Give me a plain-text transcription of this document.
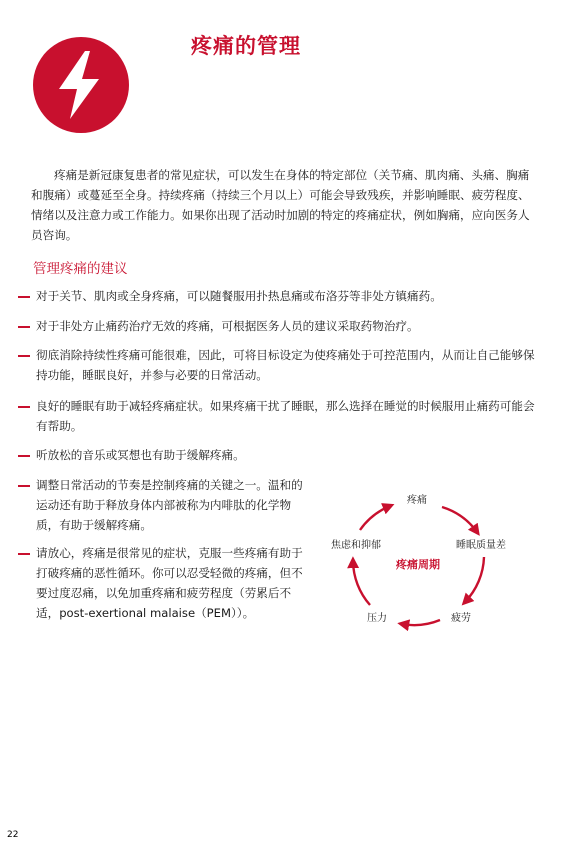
疼痛的管理

疼痛是新冠康复患者的常见症状，可以发生在身体的特定部位（关节痛、肌肉痛、头痛、胸痛和腹痛）或蔓延至全身。持续疼痛（持续三个月以上）可能会导致残疾，并影响睡眠、疲劳程度、情绪以及注意力或工作能力。如果你出现了活动时加剧的特定的疼痛症状，例如胸痛，应向医务人员咨询。

管理疼痛的建议
对于关节、肌肉或全身疼痛，可以随餐服用扑热息痛或布洛芬等非处方镇痛药。
对于非处方止痛药治疗无效的疼痛，可根据医务人员的建议采取药物治疗。
彻底消除持续性疼痛可能很难，因此，可将目标设定为使疼痛处于可控范围内，从而让自己能够保持功能，睡眠良好，并参与必要的日常活动。
良好的睡眠有助于减轻疼痛症状。如果疼痛干扰了睡眠，那么选择在睡觉的时候服用止痛药可能会有帮助。
听放松的音乐或冥想也有助于缓解疼痛。
调整日常活动的节奏是控制疼痛的关键之一。温和的运动还有助于释放身体内部被称为内啡肽的化学物质，有助于缓解疼痛。
请放心，疼痛是很常见的症状，克服一些疼痛有助于打破疼痛的恶性循环。你可以忍受轻微的疼痛，但不要过度忍痛，以免加重疼痛和疲劳程度（劳累后不适，post-exertional malaise（PEM））。
疼痛
睡眠质量差
疲劳
压力
焦虑和抑郁
疼痛周期
22
